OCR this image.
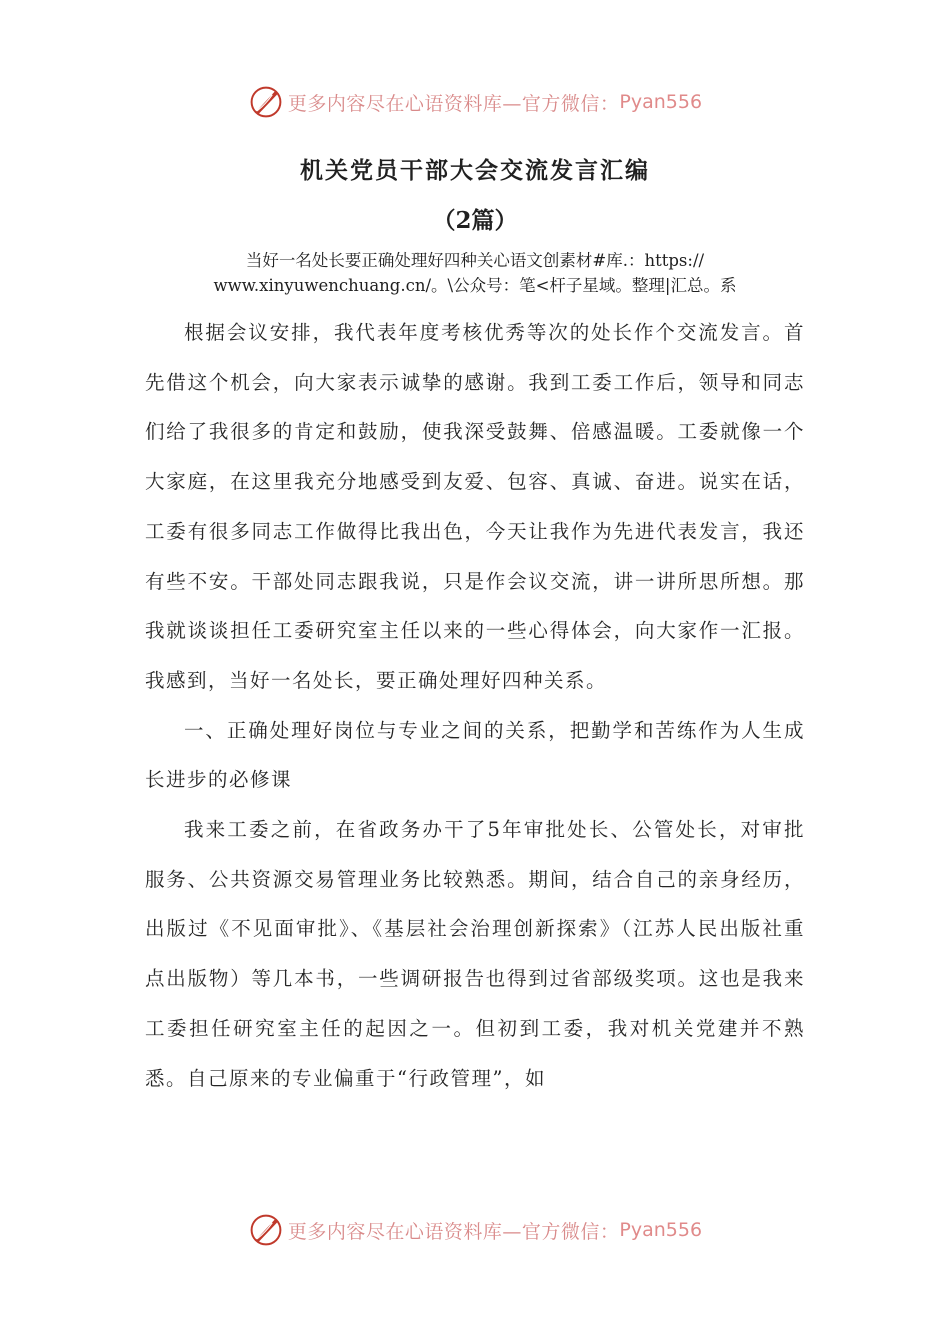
更多内容尽在心语资料库—官方微信： Pyan556
机关党员干部大会交流发言汇编
（2篇）
当好一名处长要正确处理好四种关心语文创素材#库.：https://
www.xinyuwenchuang.cn/。\公众号：笔<杆子星域。整理|汇总。系

根据会议安排，我代表年度考核优秀等次的处长作个交流发言。首先借这个机会，向大家表示诚挚的感谢。我到工委工作后，领导和同志们给了我很多的肯定和鼓励，使我深受鼓舞、倍感温暖。工委就像一个大家庭，在这里我充分地感受到友爱、包容、真诚、奋进。说实在话，工委有很多同志工作做得比我出色，今天让我作为先进代表发言，我还有些不安。干部处同志跟我说，只是作会议交流，讲一讲所思所想。那我就谈谈担任工委研究室主任以来的一些心得体会，向大家作一汇报。我感到，当好一名处长，要正确处理好四种关系。

一、正确处理好岗位与专业之间的关系，把勤学和苦练作为人生成长进步的必修课

我来工委之前，在省政务办干了5年审批处长、公管处长，对审批服务、公共资源交易管理业务比较熟悉。期间，结合自己的亲身经历，出版过《不见面审批》、《基层社会治理创新探索》（江苏人民出版社重点出版物）等几本书，一些调研报告也得到过省部级奖项。这也是我来工委担任研究室主任的起因之一。但初到工委，我对机关党建并不熟悉。自己原来的专业偏重于“行政管理”，如

更多内容尽在心语资料库—官方微信： Pyan556
